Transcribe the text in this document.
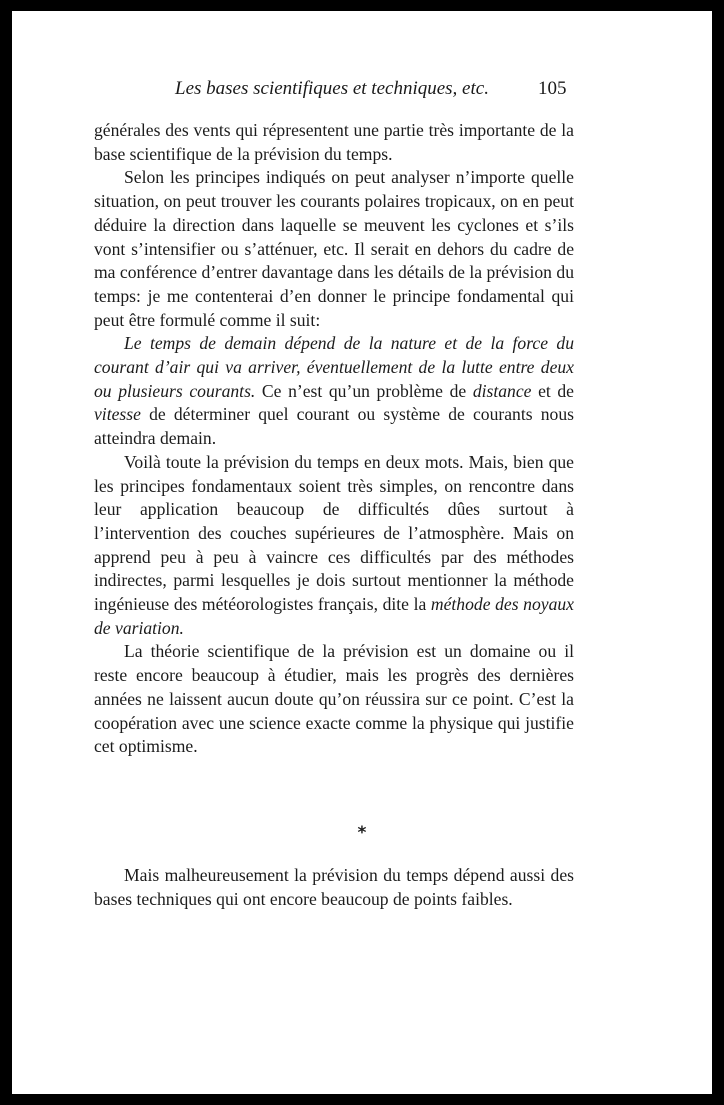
Les bases scientifiques et techniques, etc.	105

générales des vents qui répresentent une partie très importante de la base scientifique de la prévision du temps.

Selon les principes indiqués on peut analyser n’importe quelle situation, on peut trouver les courants polaires tropicaux, on en peut déduire la direction dans laquelle se meuvent les cyclones et s’ils vont s’intensifier ou s’atténuer, etc. Il serait en dehors du cadre de ma conférence d’entrer davantage dans les détails de la prévision du temps: je me contenterai d’en donner le principe fondamental qui peut être formulé comme il suit:

Le temps de demain dépend de la nature et de la force du courant d’air qui va arriver, éventuellement de la lutte entre deux ou plusieurs courants. Ce n’est qu’un problème de distance et de vitesse de déterminer quel courant ou système de courants nous atteindra demain.

Voilà toute la prévision du temps en deux mots. Mais, bien que les principes fondamentaux soient très simples, on rencontre dans leur application beaucoup de difficultés dûes surtout à l’intervention des couches supérieures de l’atmosphère. Mais on apprend peu à peu à vaincre ces difficultés par des méthodes indirectes, parmi lesquelles je dois surtout mentionner la méthode ingénieuse des météorologistes français, dite la méthode des noyaux de variation.

La théorie scientifique de la prévision est un domaine ou il reste encore beaucoup à étudier, mais les progrès des dernières années ne laissent aucun doute qu’on réussira sur ce point. C’est la coopération avec une science exacte comme la physique qui justifie cet optimisme.

*

Mais malheureusement la prévision du temps dépend aussi des bases techniques qui ont encore beaucoup de points faibles.
